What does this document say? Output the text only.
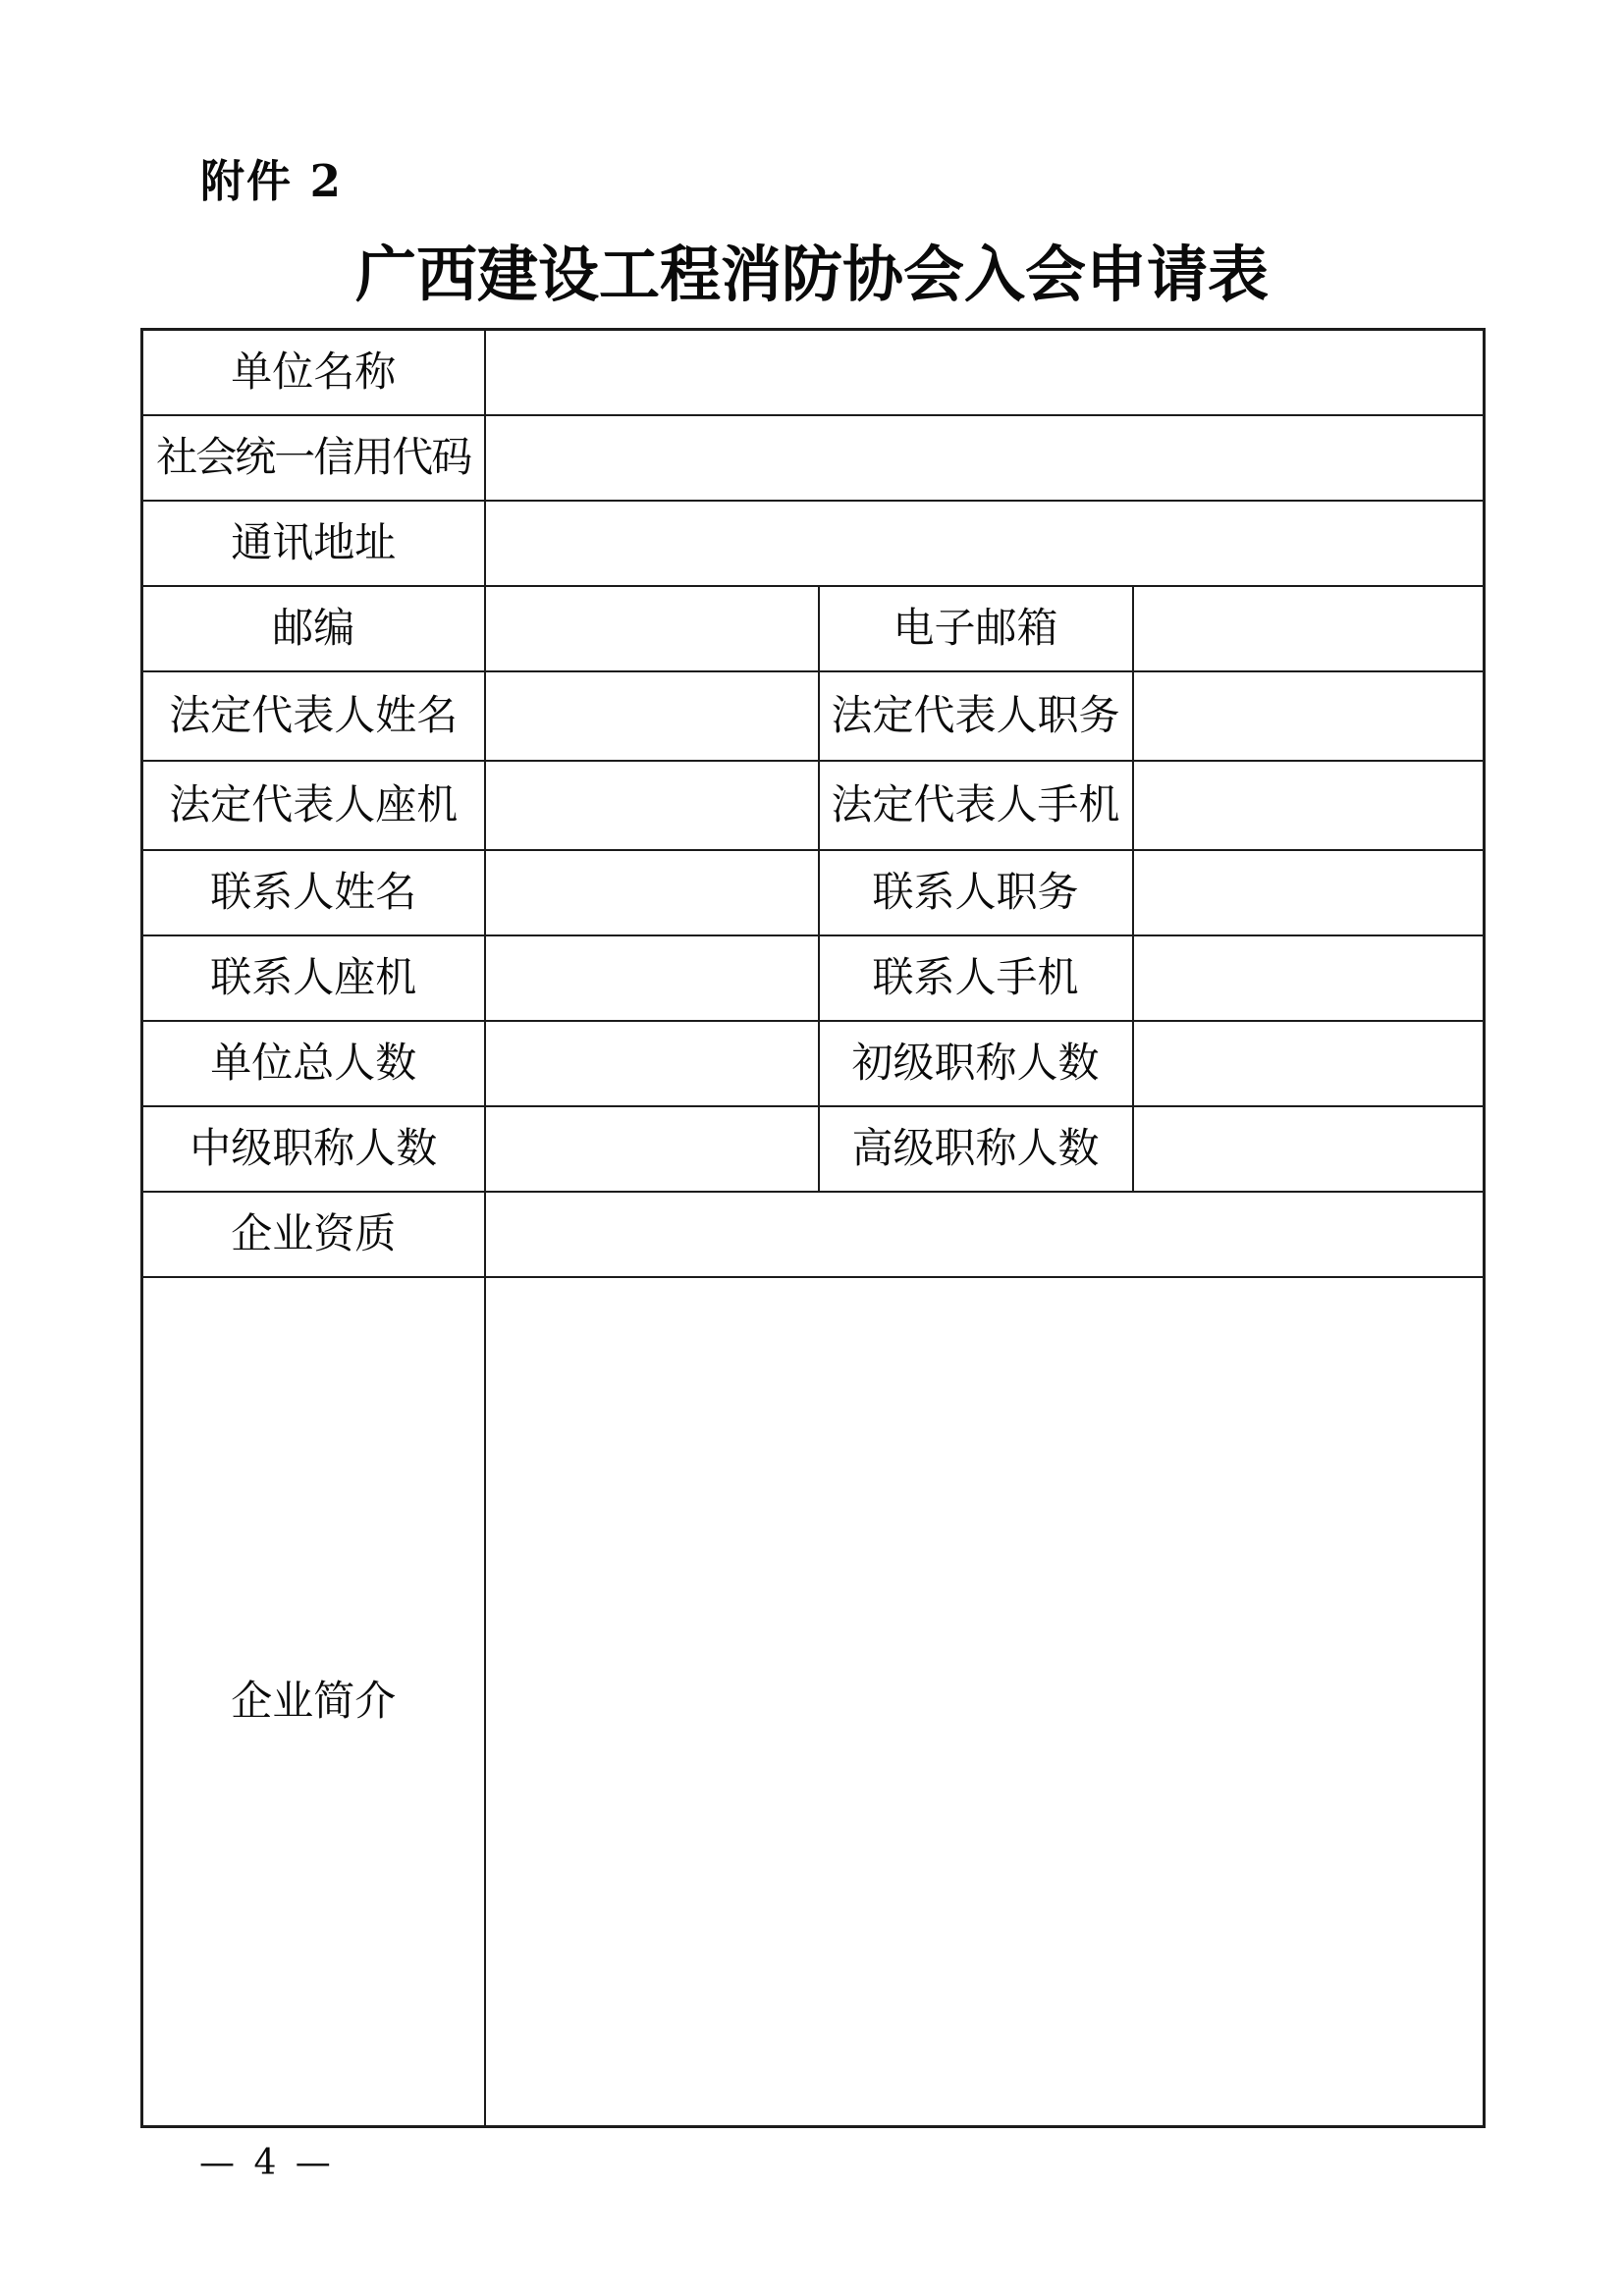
附件 2
广西建设工程消防协会入会申请表
单位名称			
社会统一信用代码			
通讯地址			
邮编		电子邮箱	
法定代表人姓名		法定代表人职务	
法定代表人座机		法定代表人手机	
联系人姓名		联系人职务	
联系人座机		联系人手机	
单位总人数		初级职称人数	
中级职称人数		高级职称人数	
企业资质			
企业简介			
— 4 —
